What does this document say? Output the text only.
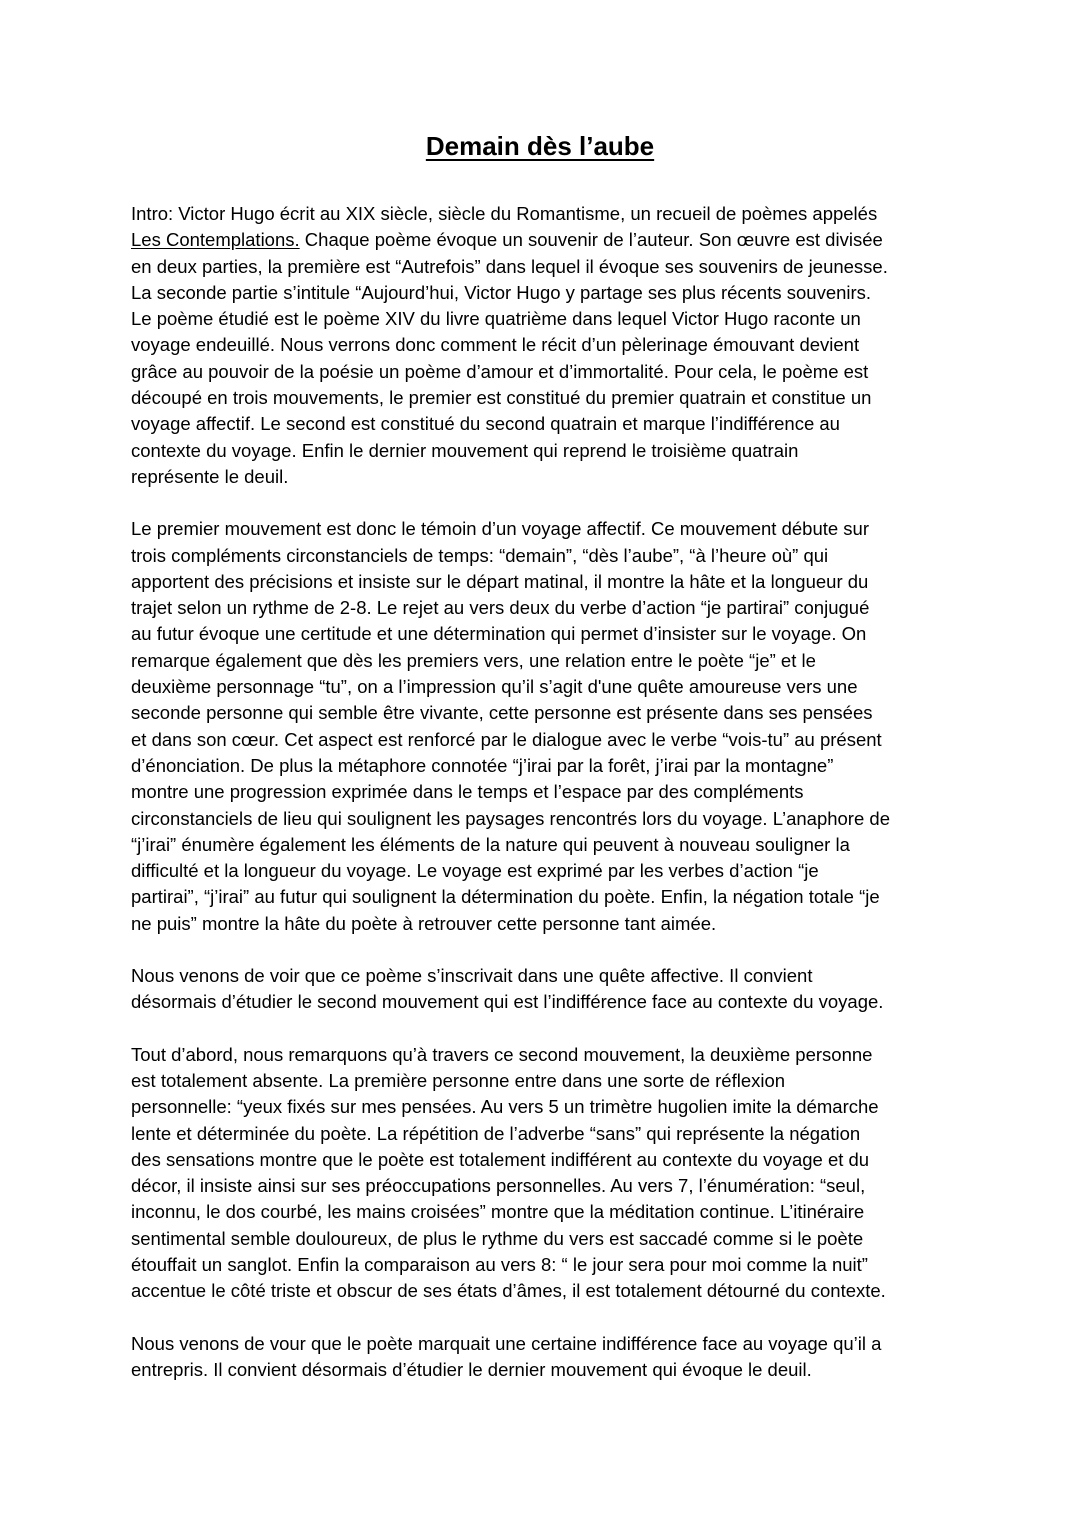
Demain dès l’aube

Intro: Victor Hugo écrit au XIX siècle, siècle du Romantisme, un recueil de poèmes appelés
Les Contemplations. Chaque poème évoque un souvenir de l’auteur. Son œuvre est divisée
en deux parties, la première est “Autrefois” dans lequel il évoque ses souvenirs de jeunesse.
La seconde partie s’intitule “Aujourd’hui, Victor Hugo y partage ses plus récents souvenirs.
Le poème étudié est le poème XIV du livre quatrième dans lequel Victor Hugo raconte un
voyage endeuillé. Nous verrons donc comment le récit d’un pèlerinage émouvant devient
grâce au pouvoir de la poésie un poème d’amour et d’immortalité. Pour cela, le poème est
découpé en trois mouvements, le premier est constitué du premier quatrain et constitue un
voyage affectif. Le second est constitué du second quatrain et marque l’indifférence au
contexte du voyage. Enfin le dernier mouvement qui reprend le troisième quatrain
représente le deuil.

Le premier mouvement est donc le témoin d’un voyage affectif. Ce mouvement débute sur
trois compléments circonstanciels de temps: “demain”, “dès l’aube”, “à l’heure où” qui
apportent des précisions et insiste sur le départ matinal, il montre la hâte et la longueur du
trajet selon un rythme de 2-8. Le rejet au vers deux du verbe d’action “je partirai” conjugué
au futur évoque une certitude et une détermination qui permet d’insister sur le voyage. On
remarque également que dès les premiers vers, une relation entre le poète “je” et le
deuxième personnage “tu”, on a l’impression qu’il s’agit d'une quête amoureuse vers une
seconde personne qui semble être vivante, cette personne est présente dans ses pensées
et dans son cœur. Cet aspect est renforcé par le dialogue avec le verbe “vois-tu” au présent
d’énonciation. De plus la métaphore connotée “j’irai par la forêt, j’irai par la montagne”
montre une progression exprimée dans le temps et l’espace par des compléments
circonstanciels de lieu qui soulignent les paysages rencontrés lors du voyage. L’anaphore de
“j’irai” énumère également les éléments de la nature qui peuvent à nouveau souligner la
difficulté et la longueur du voyage. Le voyage est exprimé par les verbes d’action “je
partirai”, “j’irai” au futur qui soulignent la détermination du poète. Enfin, la négation totale “je
ne puis” montre la hâte du poète à retrouver cette personne tant aimée.

Nous venons de voir que ce poème s’inscrivait dans une quête affective. Il convient
désormais d’étudier le second mouvement qui est l’indifférence face au contexte du voyage.

Tout d’abord, nous remarquons qu’à travers ce second mouvement, la deuxième personne
est totalement absente. La première personne entre dans une sorte de réflexion
personnelle: “yeux fixés sur mes pensées. Au vers 5 un trimètre hugolien imite la démarche
lente et déterminée du poète. La répétition de l’adverbe “sans” qui représente la négation
des sensations montre que le poète est totalement indifférent au contexte du voyage et du
décor, il insiste ainsi sur ses préoccupations personnelles. Au vers 7, l’énumération: “seul,
inconnu, le dos courbé, les mains croisées” montre que la méditation continue. L’itinéraire
sentimental semble douloureux, de plus le rythme du vers est saccadé comme si le poète
étouffait un sanglot. Enfin la comparaison au vers 8: “ le jour sera pour moi comme la nuit”
accentue le côté triste et obscur de ses états d’âmes, il est totalement détourné du contexte.

Nous venons de vour que le poète marquait une certaine indifférence face au voyage qu’il a
entrepris. Il convient désormais d’étudier le dernier mouvement qui évoque le deuil.
